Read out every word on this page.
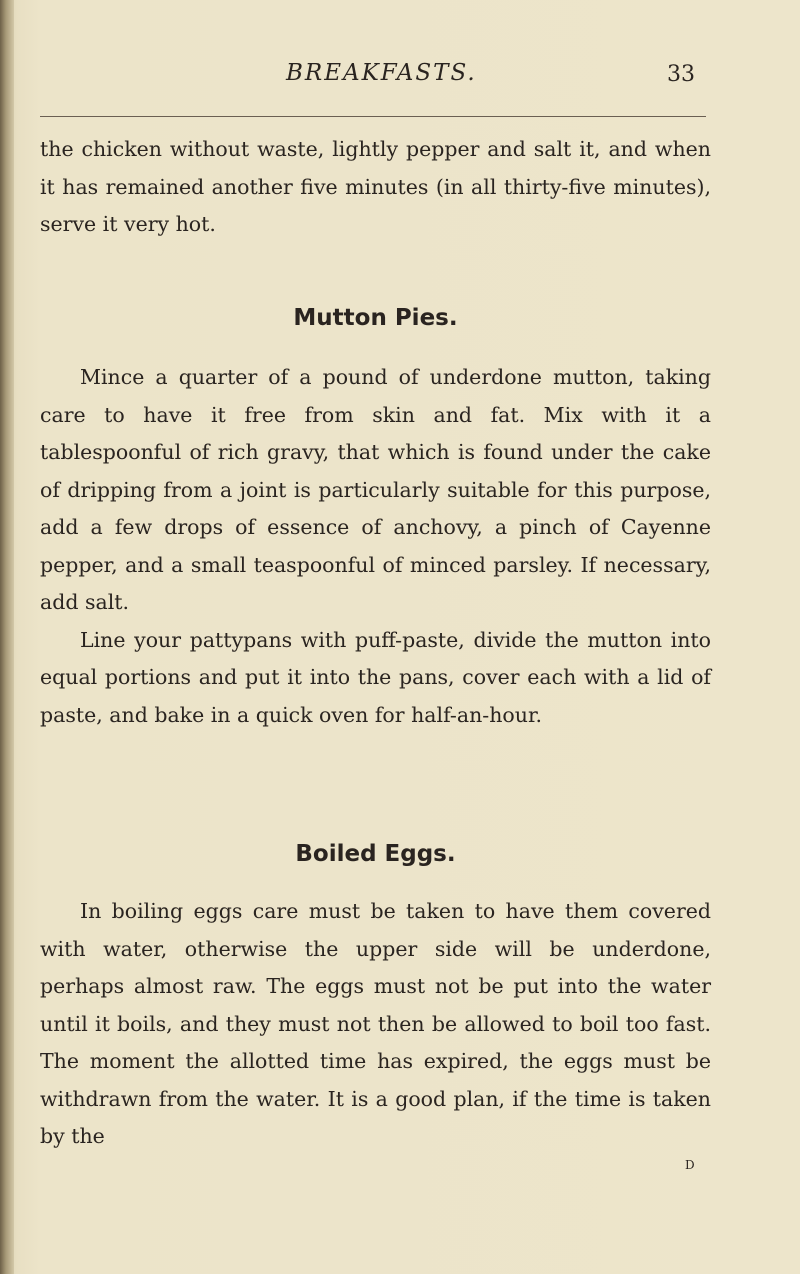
BREAKFASTS.	33

the chicken without waste, lightly pepper and salt it, and when it has remained another five minutes (in all thirty-five minutes), serve it very hot.

Mutton Pies.

Mince a quarter of a pound of underdone mutton, taking care to have it free from skin and fat. Mix with it a tablespoonful of rich gravy, that which is found under the cake of dripping from a joint is particularly suitable for this purpose, add a few drops of essence of anchovy, a pinch of Cayenne pepper, and a small teaspoonful of minced parsley. If necessary, add salt.

Line your pattypans with puff-paste, divide the mutton into equal portions and put it into the pans, cover each with a lid of paste, and bake in a quick oven for half-an-hour.

Boiled Eggs.

In boiling eggs care must be taken to have them covered with water, otherwise the upper side will be underdone, perhaps almost raw. The eggs must not be put into the water until it boils, and they must not then be allowed to boil too fast. The moment the allotted time has expired, the eggs must be withdrawn from the water. It is a good plan, if the time is taken by the

D
